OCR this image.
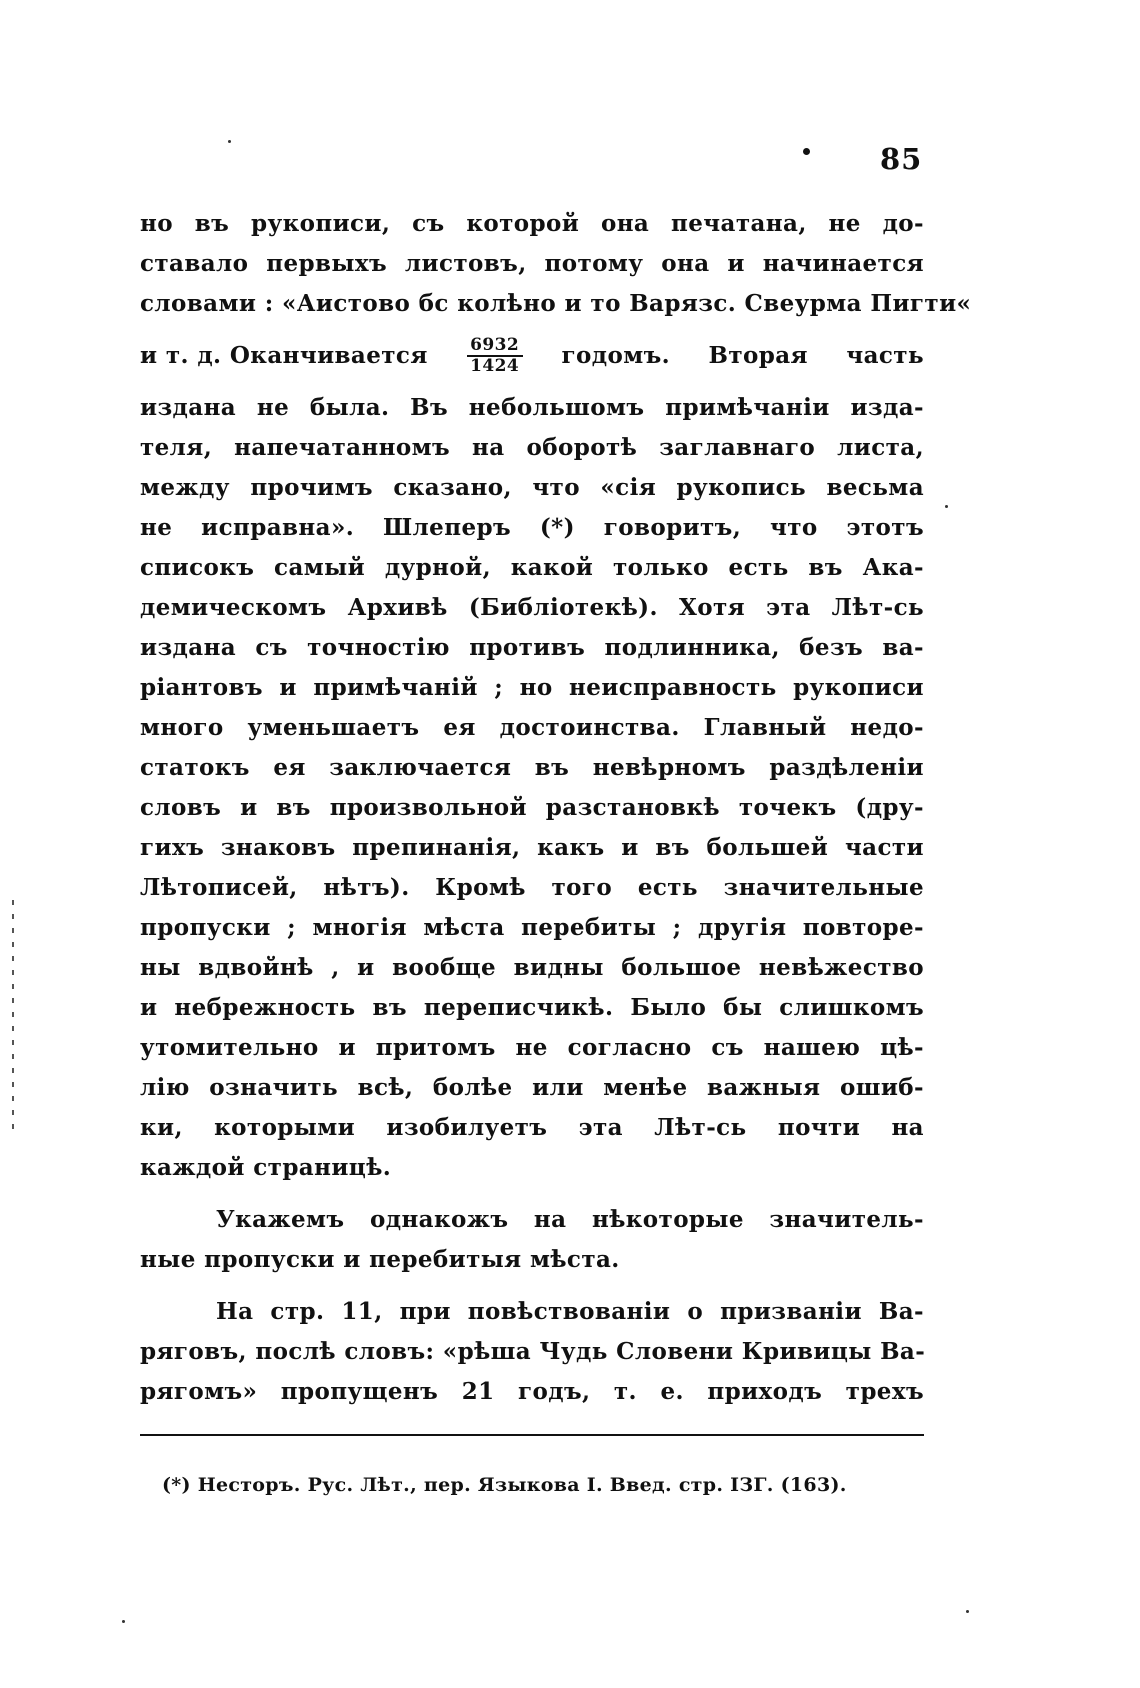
85
но въ рукописи, съ которой она печатана, не до-
ставало первыхъ листовъ, потому она и начинается
словами : «Аистово бс колѣно и то Варязс. Свеурма Пигти«
и т. д. Оканчивается $\frac{6932}{1424}$ годомъ. Вторая часть
издана не была. Въ небольшомъ примѣчаніи изда-
теля, напечатанномъ на оборотѣ заглавнаго листа,
между прочимъ сказано, что «сія рукопись весьма
не исправна». Шлеперъ (*) говоритъ, что этотъ
списокъ самый дурной, какой только есть въ Ака-
демическомъ Архивѣ (Библіотекѣ). Хотя эта Лѣт-сь
издана съ точностію противъ подлинника, безъ ва-
ріантовъ и примѣчаній ; но неисправность рукописи
много уменьшаетъ ея достоинства. Главный недо-
статокъ ея заключается въ невѣрномъ раздѣленіи
словъ и въ произвольной разстановкѣ точекъ (дру-
гихъ знаковъ препинанія, какъ и въ большей части
Лѣтописей, нѣтъ). Кромѣ того есть значительные
пропуски ; многія мѣста перебиты ; другія повторе-
ны вдвойнѣ , и вообще видны большое невѣжество
и небрежность въ переписчикѣ. Было бы слишкомъ
утомительно и притомъ не согласно съ нашею цѣ-
лію означить всѣ, болѣе или менѣе важныя ошиб-
ки, которыми изобилуетъ эта Лѣт-сь почти на
каждой страницѣ.
Укажемъ однакожъ на нѣкоторые значитель-
ные пропуски и перебитыя мѣста.
На стр. 11, при повѣствованіи о призваніи Ва-
ряговъ, послѣ словъ: «рѣша Чудь Словени Кривицы Ва-
рягомъ» пропущенъ 21 годъ, т. е. приходъ трехъ
(*) Несторъ. Рус. Лѣт., пер. Языкова I. Введ. стр. ІЗГ. (163).
